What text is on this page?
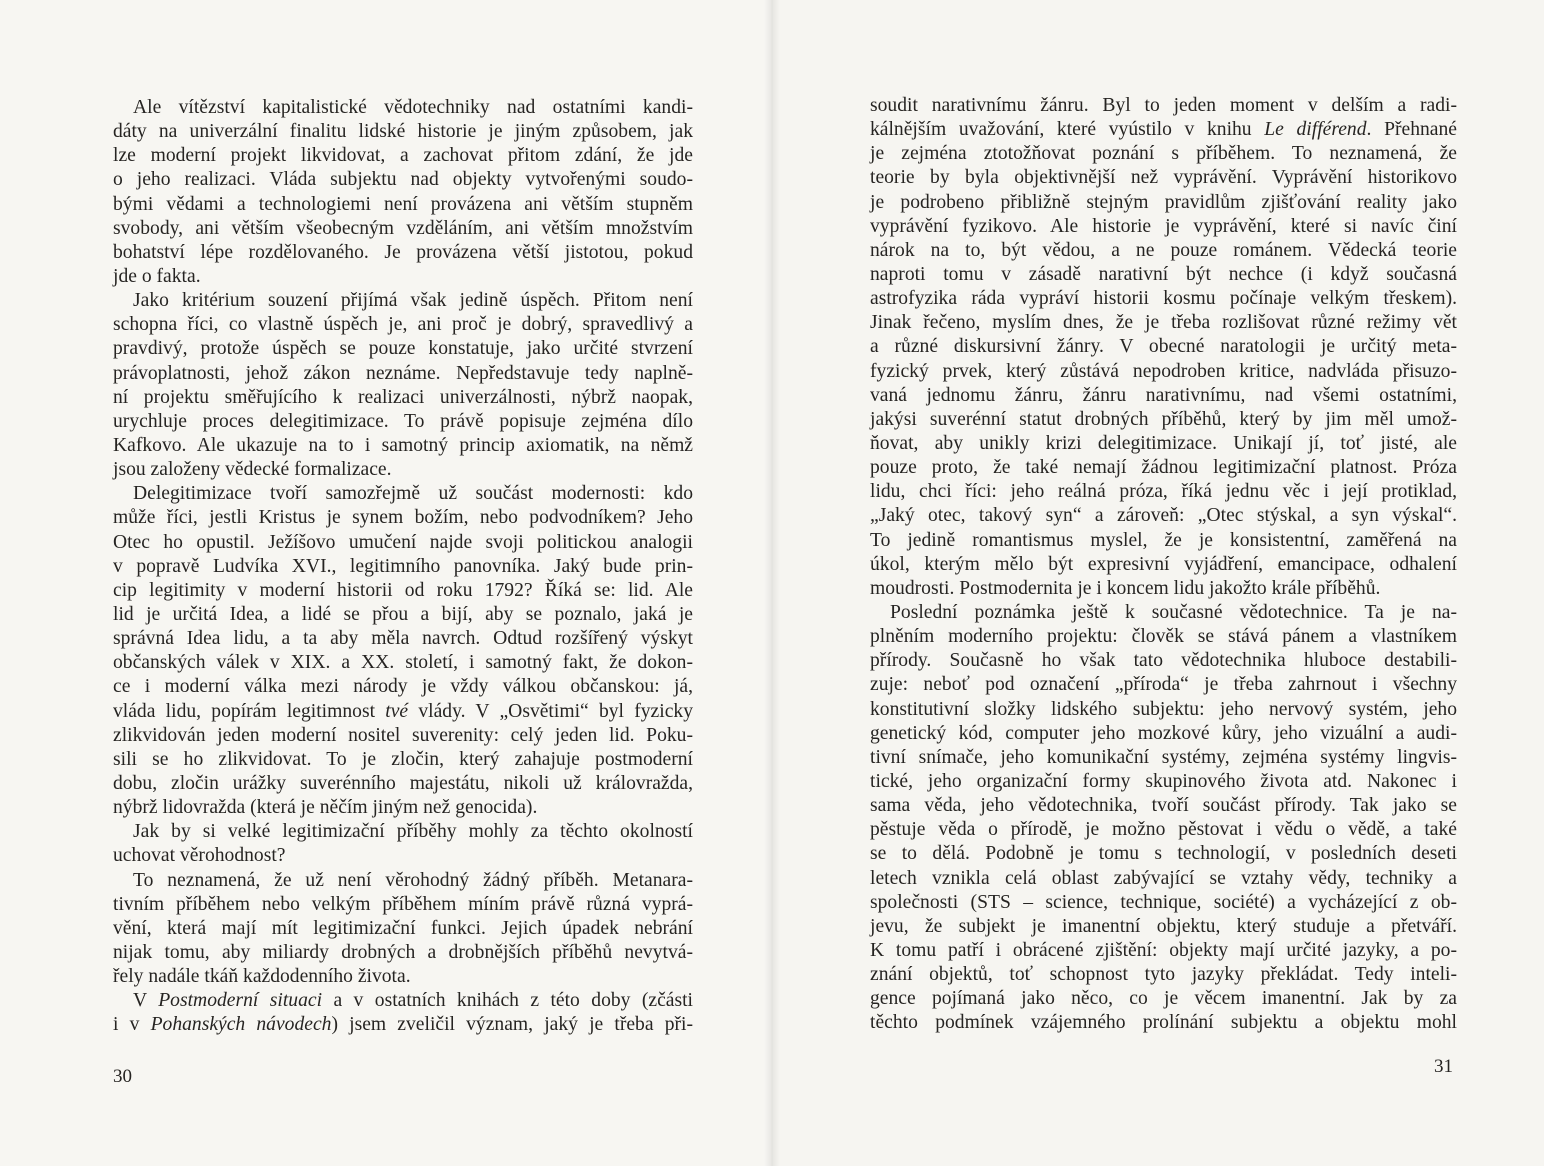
Ale vítězství kapitalistické vědotechniky nad ostatními kandi-
dáty na univerzální finalitu lidské historie je jiným způsobem, jak
lze moderní projekt likvidovat, a zachovat přitom zdání, že jde
o jeho realizaci. Vláda subjektu nad objekty vytvořenými soudo-
bými vědami a technologiemi není provázena ani větším stupněm
svobody, ani větším všeobecným vzděláním, ani větším množstvím
bohatství lépe rozdělovaného. Je provázena větší jistotou, pokud
jde o fakta.
Jako kritérium souzení přijímá však jedině úspěch. Přitom není
schopna říci, co vlastně úspěch je, ani proč je dobrý, spravedlivý a
pravdivý, protože úspěch se pouze konstatuje, jako určité stvrzení
právoplatnosti, jehož zákon neznáme. Nepředstavuje tedy naplně-
ní projektu směřujícího k realizaci univerzálnosti, nýbrž naopak,
urychluje proces delegitimizace. To právě popisuje zejména dílo
Kafkovo. Ale ukazuje na to i samotný princip axiomatik, na němž
jsou založeny vědecké formalizace.
Delegitimizace tvoří samozřejmě už součást modernosti: kdo
může říci, jestli Kristus je synem božím, nebo podvodníkem? Jeho
Otec ho opustil. Ježíšovo umučení najde svoji politickou analogii
v popravě Ludvíka XVI., legitimního panovníka. Jaký bude prin-
cip legitimity v moderní historii od roku 1792? Říká se: lid. Ale
lid je určitá Idea, a lidé se přou a bijí, aby se poznalo, jaká je
správná Idea lidu, a ta aby měla navrch. Odtud rozšířený výskyt
občanských válek v XIX. a XX. století, i samotný fakt, že dokon-
ce i moderní válka mezi národy je vždy válkou občanskou: já,
vláda lidu, popírám legitimnost tvé vlády. V „Osvětimi“ byl fyzicky
zlikvidován jeden moderní nositel suverenity: celý jeden lid. Poku-
sili se ho zlikvidovat. To je zločin, který zahajuje postmoderní
dobu, zločin urážky suverénního majestátu, nikoli už královražda,
nýbrž lidovražda (která je něčím jiným než genocida).
Jak by si velké legitimizační příběhy mohly za těchto okolností
uchovat věrohodnost?
To neznamená, že už není věrohodný žádný příběh. Metanara-
tivním příběhem nebo velkým příběhem míním právě různá vyprá-
vění, která mají mít legitimizační funkci. Jejich úpadek nebrání
nijak tomu, aby miliardy drobných a drobnějších příběhů nevytvá-
řely nadále tkáň každodenního života.
V Postmoderní situaci a v ostatních knihách z této doby (zčásti
i v Pohanských návodech) jsem zveličil význam, jaký je třeba při-
30
soudit narativnímu žánru. Byl to jeden moment v delším a radi-
kálnějším uvažování, které vyústilo v knihu Le différend. Přehnané
je zejména ztotožňovat poznání s příběhem. To neznamená, že
teorie by byla objektivnější než vyprávění. Vyprávění historikovo
je podrobeno přibližně stejným pravidlům zjišťování reality jako
vyprávění fyzikovo. Ale historie je vyprávění, které si navíc činí
nárok na to, být vědou, a ne pouze románem. Vědecká teorie
naproti tomu v zásadě narativní být nechce (i když současná
astrofyzika ráda vypráví historii kosmu počínaje velkým třeskem).
Jinak řečeno, myslím dnes, že je třeba rozlišovat různé režimy vět
a různé diskursivní žánry. V obecné naratologii je určitý meta-
fyzický prvek, který zůstává nepodroben kritice, nadvláda přisuzo-
vaná jednomu žánru, žánru narativnímu, nad všemi ostatními,
jakýsi suverénní statut drobných příběhů, který by jim měl umož-
ňovat, aby unikly krizi delegitimizace. Unikají jí, toť jisté, ale
pouze proto, že také nemají žádnou legitimizační platnost. Próza
lidu, chci říci: jeho reálná próza, říká jednu věc i její protiklad,
„Jaký otec, takový syn“ a zároveň: „Otec stýskal, a syn výskal“.
To jedině romantismus myslel, že je konsistentní, zaměřená na
úkol, kterým mělo být expresivní vyjádření, emancipace, odhalení
moudrosti. Postmodernita je i koncem lidu jakožto krále příběhů.
Poslední poznámka ještě k současné vědotechnice. Ta je na-
plněním moderního projektu: člověk se stává pánem a vlastníkem
přírody. Současně ho však tato vědotechnika hluboce destabili-
zuje: neboť pod označení „příroda“ je třeba zahrnout i všechny
konstitutivní složky lidského subjektu: jeho nervový systém, jeho
genetický kód, computer jeho mozkové kůry, jeho vizuální a audi-
tivní snímače, jeho komunikační systémy, zejména systémy lingvis-
tické, jeho organizační formy skupinového života atd. Nakonec i
sama věda, jeho vědotechnika, tvoří součást přírody. Tak jako se
pěstuje věda o přírodě, je možno pěstovat i vědu o vědě, a také
se to dělá. Podobně je tomu s technologií, v posledních deseti
letech vznikla celá oblast zabývající se vztahy vědy, techniky a
společnosti (STS – science, technique, société) a vycházející z ob-
jevu, že subjekt je imanentní objektu, který studuje a přetváří.
K tomu patří i obrácené zjištění: objekty mají určité jazyky, a po-
znání objektů, toť schopnost tyto jazyky překládat. Tedy inteli-
gence pojímaná jako něco, co je věcem imanentní. Jak by za
těchto podmínek vzájemného prolínání subjektu a objektu mohl
31
